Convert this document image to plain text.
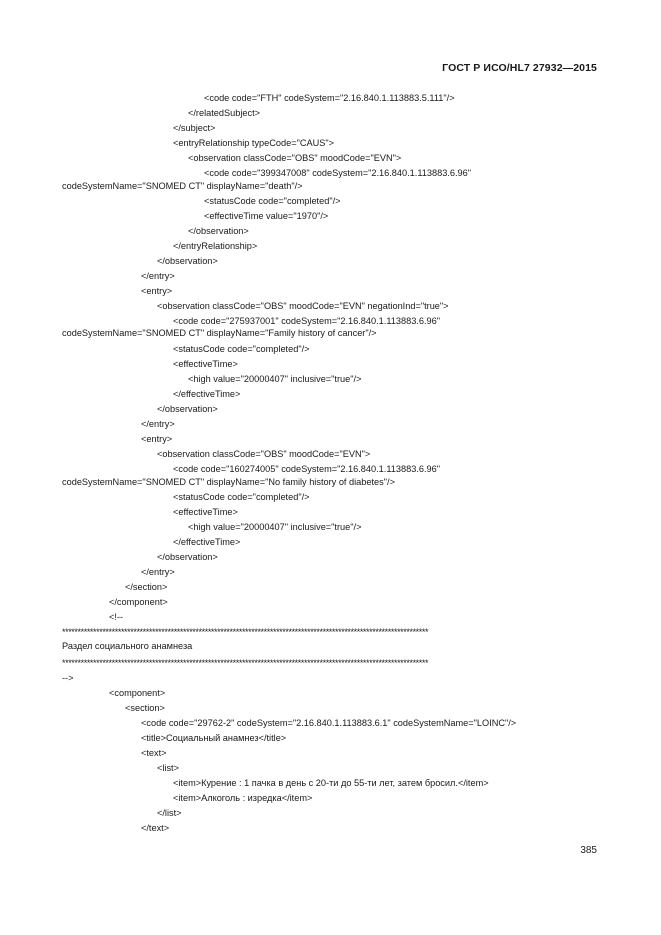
ГОСТ Р ИСО/HL7 27932—2015
<code code="FTH" codeSystem="2.16.840.1.113883.5.111"/>
</relatedSubject>
</subject>
<entryRelationship typeCode="CAUS">
<observation classCode="OBS" moodCode="EVN">
<code code="399347008" codeSystem="2.16.840.1.113883.6.96"
codeSystemName="SNOMED CT" displayName="death"/>
<statusCode code="completed"/>
<effectiveTime value="1970"/>
</observation>
</entryRelationship>
</observation>
</entry>
<entry>
<observation classCode="OBS" moodCode="EVN" negationInd="true">
<code code="275937001" codeSystem="2.16.840.1.113883.6.96"
codeSystemName="SNOMED CT" displayName="Family history of cancer"/>
<statusCode code="completed"/>
<effectiveTime>
<high value="20000407" inclusive="true"/>
</effectiveTime>
</observation>
</entry>
<entry>
<observation classCode="OBS" moodCode="EVN">
<code code="160274005" codeSystem="2.16.840.1.113883.6.96"
codeSystemName="SNOMED CT" displayName="No family history of diabetes"/>
<statusCode code="completed"/>
<effectiveTime>
<high value="20000407" inclusive="true"/>
</effectiveTime>
</observation>
</entry>
</section>
</component>
<!--
**********************************************************************************************************************
Раздел социального анамнеза
**********************************************************************************************************************
-->
<component>
<section>
<code code="29762-2" codeSystem="2.16.840.1.113883.6.1" codeSystemName="LOINC"/>
<title>Социальный анамнез</title>
<text>
<list>
<item>Курение : 1 пачка в день с 20-ти до 55-ти лет, затем бросил.</item>
<item>Алкоголь : изредка</item>
</list>
</text>
385
